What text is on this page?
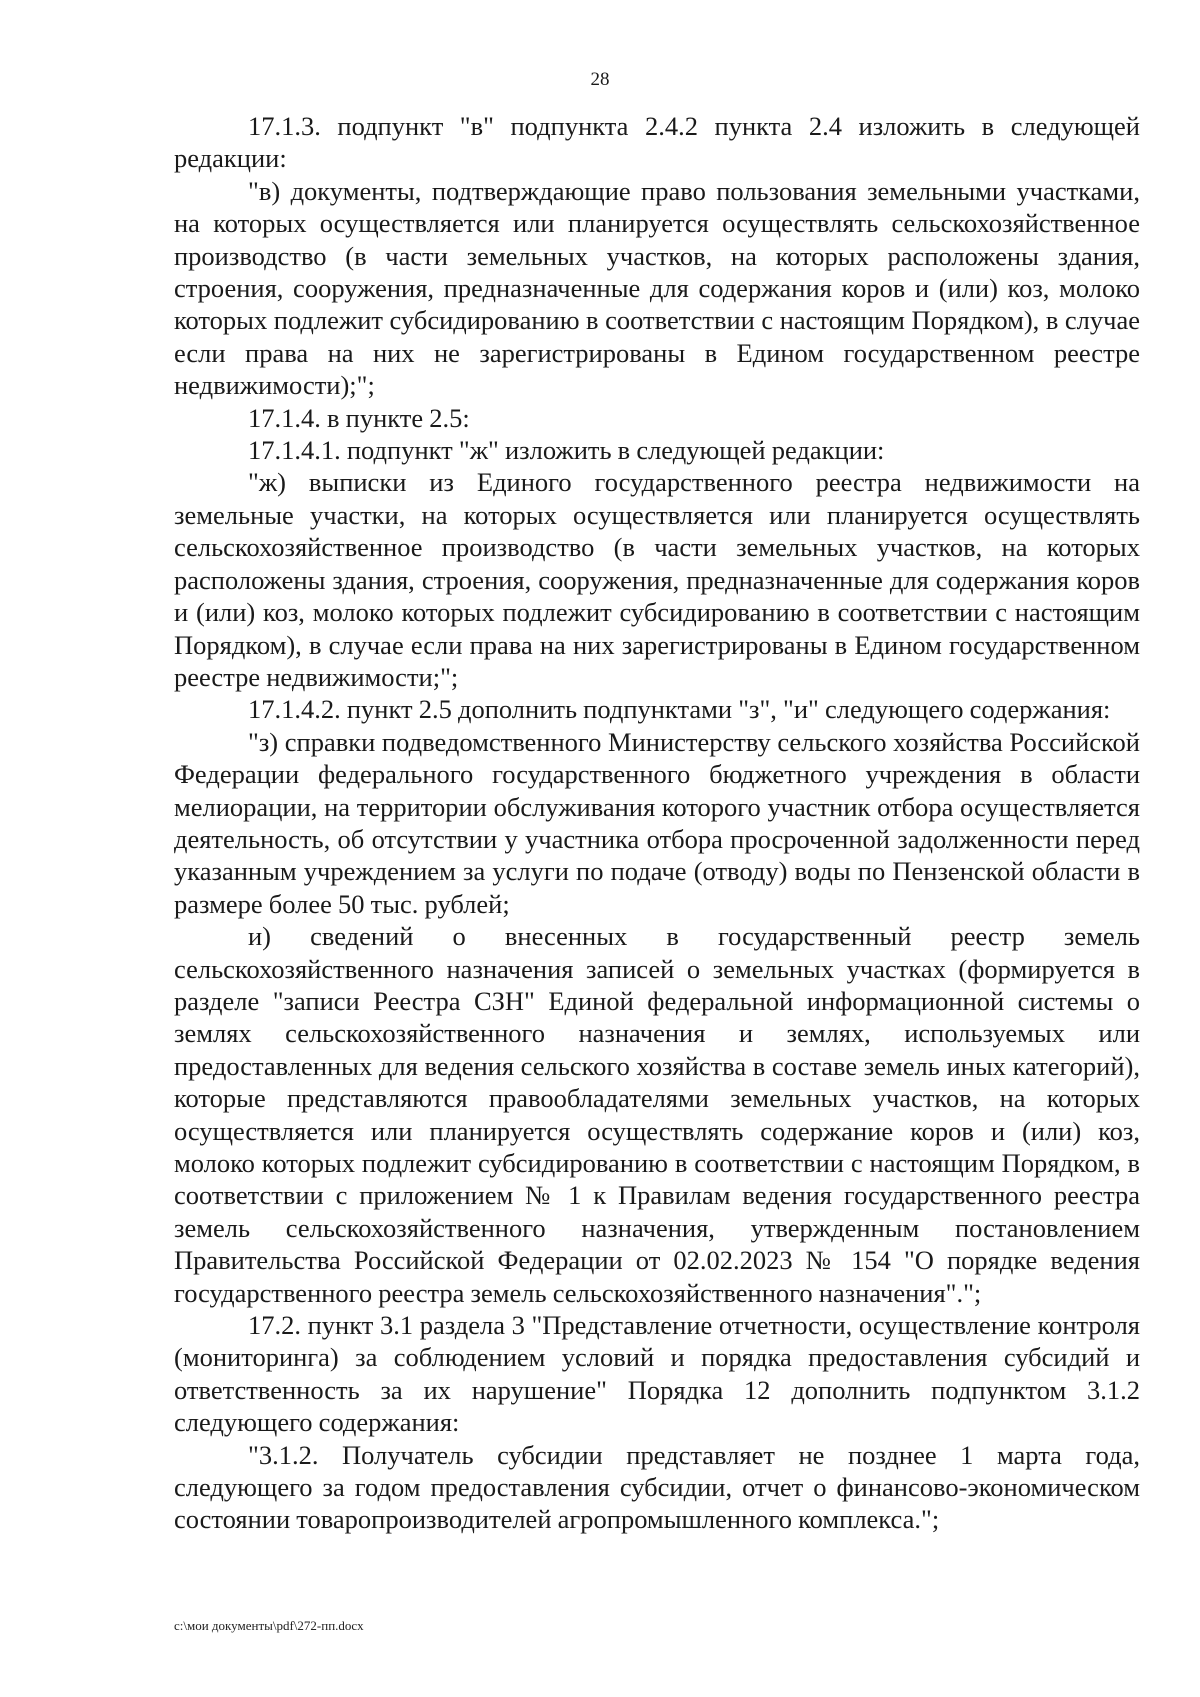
28

17.1.3. подпункт "в" подпункта 2.4.2 пункта 2.4 изложить в следующей редакции:

"в) документы, подтверждающие право пользования земельными участками, на которых осуществляется или планируется осуществлять сельскохозяйственное производство (в части земельных участков, на которых расположены здания, строения, сооружения, предназначенные для содержания коров и (или) коз, молоко которых подлежит субсидированию в соответствии с настоящим Порядком), в случае если права на них не зарегистрированы в Едином государственном реестре недвижимости);";

17.1.4. в пункте 2.5:

17.1.4.1. подпункт "ж" изложить в следующей редакции:

"ж) выписки из Единого государственного реестра недвижимости на земельные участки, на которых осуществляется или планируется осуществлять сельскохозяйственное производство (в части земельных участков, на которых расположены здания, строения, сооружения, предназначенные для содержания коров и (или) коз, молоко которых подлежит субсидированию в соответствии с настоящим Порядком), в случае если права на них зарегистрированы в Едином государственном реестре недвижимости;";

17.1.4.2. пункт 2.5 дополнить подпунктами "з", "и" следующего содержания:

"з) справки подведомственного Министерству сельского хозяйства Российской Федерации федерального государственного бюджетного учреждения в области мелиорации, на территории обслуживания которого участник отбора осуществляется деятельность, об отсутствии у участника отбора просроченной задолженности перед указанным учреждением за услуги по подаче (отводу) воды по Пензенской области в размере более 50 тыс. рублей;

и) сведений о внесенных в государственный реестр земель сельскохозяйственного назначения записей о земельных участках (формируется в разделе "записи Реестра СЗН" Единой федеральной информационной системы о землях сельскохозяйственного назначения и землях, используемых или предоставленных для ведения сельского хозяйства в составе земель иных категорий), которые представляются правообладателями земельных участков, на которых осуществляется или планируется осуществлять содержание коров и (или) коз, молоко которых подлежит субсидированию в соответствии с настоящим Порядком, в соответствии с приложением № 1 к Правилам ведения государственного реестра земель сельскохозяйственного назначения, утвержденным постановлением Правительства Российской Федерации от 02.02.2023 № 154 "О порядке ведения государственного реестра земель сельскохозяйственного назначения".";

17.2. пункт 3.1 раздела 3 "Представление отчетности, осуществление контроля (мониторинга) за соблюдением условий и порядка предоставления субсидий и ответственность за их нарушение" Порядка 12 дополнить подпунктом 3.1.2 следующего содержания:

"3.1.2. Получатель субсидии представляет не позднее 1 марта года, следующего за годом предоставления субсидии, отчет о финансово-экономическом состоянии товаропроизводителей агропромышленного комплекса.";

c:\мои документы\pdf\272-пп.docx
